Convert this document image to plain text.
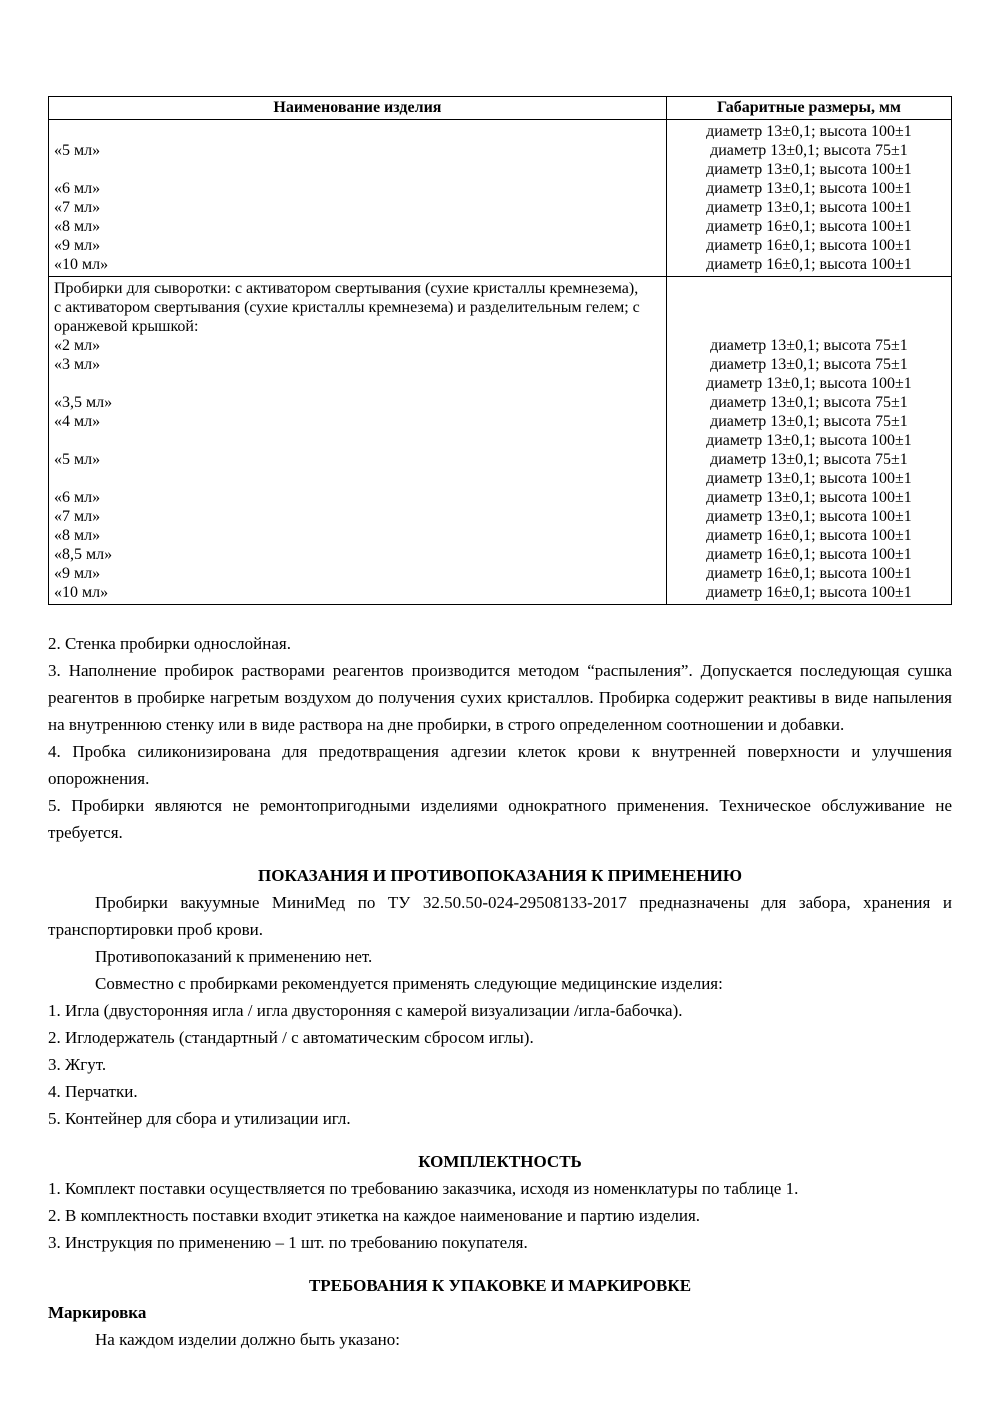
Наименование изделия	Габаритные размеры, мм
«5 мл»
«6 мл»
«7 мл»
«8 мл»
«9 мл»
«10 мл»
диаметр 13±0,1; высота 100±1
диаметр 13±0,1; высота 75±1
диаметр 13±0,1; высота 100±1
диаметр 13±0,1; высота 100±1
диаметр 13±0,1; высота 100±1
диаметр 16±0,1; высота 100±1
диаметр 16±0,1; высота 100±1
диаметр 16±0,1; высота 100±1
Пробирки для сыворотки: с активатором свертывания (сухие кристаллы кремнезема), с активатором свертывания (сухие кристаллы кремнезема) и разделительным гелем; с оранжевой крышкой:
«2 мл»
«3 мл»
«3,5 мл»
«4 мл»
«5 мл»
«6 мл»
«7 мл»
«8 мл»
«8,5 мл»
«9 мл»
«10 мл»
диаметр 13±0,1; высота 75±1
диаметр 13±0,1; высота 75±1
диаметр 13±0,1; высота 100±1
диаметр 13±0,1; высота 75±1
диаметр 13±0,1; высота 75±1
диаметр 13±0,1; высота 100±1
диаметр 13±0,1; высота 75±1
диаметр 13±0,1; высота 100±1
диаметр 13±0,1; высота 100±1
диаметр 13±0,1; высота 100±1
диаметр 16±0,1; высота 100±1
диаметр 16±0,1; высота 100±1
диаметр 16±0,1; высота 100±1
диаметр 16±0,1; высота 100±1

2. Стенка пробирки однослойная.

3. Наполнение пробирок растворами реагентов производится методом “распыления”. Допускается последующая сушка реагентов в пробирке нагретым воздухом до получения сухих кристаллов. Пробирка содержит реактивы в виде напыления на внутреннюю стенку или в виде раствора на дне пробирки, в строго определенном соотношении и добавки.

4. Пробка силиконизирована для предотвращения адгезии клеток крови к внутренней поверхности и улучшения опорожнения.

5. Пробирки являются не ремонтопригодными изделиями однократного применения. Техническое обслуживание не требуется.

ПОКАЗАНИЯ И ПРОТИВОПОКАЗАНИЯ К ПРИМЕНЕНИЮ

Пробирки вакуумные МиниМед по ТУ 32.50.50-024-29508133-2017 предназначены для забора, хранения и транспортировки проб крови.

Противопоказаний к применению нет.

Совместно с пробирками рекомендуется применять следующие медицинские изделия:

1. Игла (двусторонняя игла / игла двусторонняя с камерой визуализации /игла-бабочка).

2. Иглодержатель (стандартный / с автоматическим сбросом иглы).

3. Жгут.

4. Перчатки.

5. Контейнер для сбора и утилизации игл.

КОМПЛЕКТНОСТЬ

1. Комплект поставки осуществляется по требованию заказчика, исходя из номенклатуры по таблице 1.

2. В комплектность поставки входит этикетка на каждое наименование и партию изделия.

3. Инструкция по применению – 1 шт. по требованию покупателя.

ТРЕБОВАНИЯ К УПАКОВКЕ И МАРКИРОВКЕ

Маркировка

На каждом изделии должно быть указано:
